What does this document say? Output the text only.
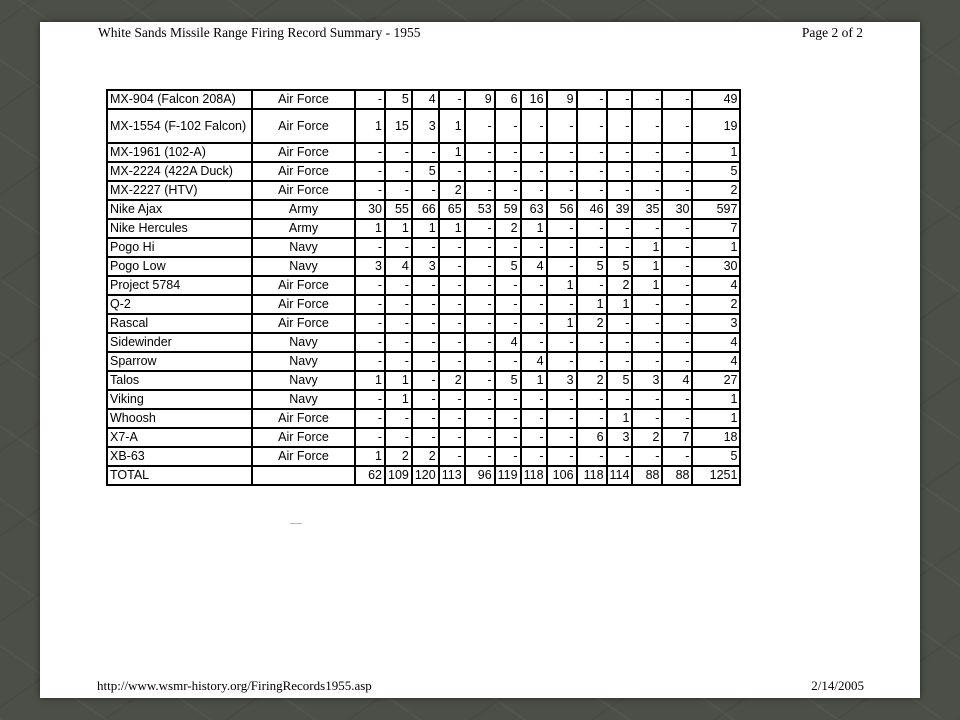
White Sands Missile Range Firing Record Summary - 1955	Page 2 of 2
MX-904 (Falcon 208A)	Air Force	-	5	4	-	9	6	16	9	-	-	-	-	49
MX-1554 (F-102 Falcon)	Air Force	1	15	3	1	-	-	-	-	-	-	-	-	19
MX-1961 (102-A)	Air Force	-	-	-	1	-	-	-	-	-	-	-	-	1
MX-2224 (422A Duck)	Air Force	-	-	5	-	-	-	-	-	-	-	-	-	5
MX-2227 (HTV)	Air Force	-	-	-	2	-	-	-	-	-	-	-	-	2
Nike Ajax	Army	30	55	66	65	53	59	63	56	46	39	35	30	597
Nike Hercules	Army	1	1	1	1	-	2	1	-	-	-	-	-	7
Pogo Hi	Navy	-	-	-	-	-	-	-	-	-	-	1	-	1
Pogo Low	Navy	3	4	3	-	-	5	4	-	5	5	1	-	30
Project 5784	Air Force	-	-	-	-	-	-	-	1	-	2	1	-	4
Q-2	Air Force	-	-	-	-	-	-	-	-	1	1	-	-	2
Rascal	Air Force	-	-	-	-	-	-	-	1	2	-	-	-	3
Sidewinder	Navy	-	-	-	-	-	4	-	-	-	-	-	-	4
Sparrow	Navy	-	-	-	-	-	-	4	-	-	-	-	-	4
Talos	Navy	1	1	-	2	-	5	1	3	2	5	3	4	27
Viking	Navy	-	1	-	-	-	-	-	-	-	-	-	-	1
Whoosh	Air Force	-	-	-	-	-	-	-	-	-	1	-	-	1
X7-A	Air Force	-	-	-	-	-	-	-	-	6	3	2	7	18
XB-63	Air Force	1	2	2	-	-	-	-	-	-	-	-	-	5
TOTAL		62	109	120	113	96	119	118	106	118	114	88	88	1251
http://www.wsmr-history.org/FiringRecords1955.asp	2/14/2005
